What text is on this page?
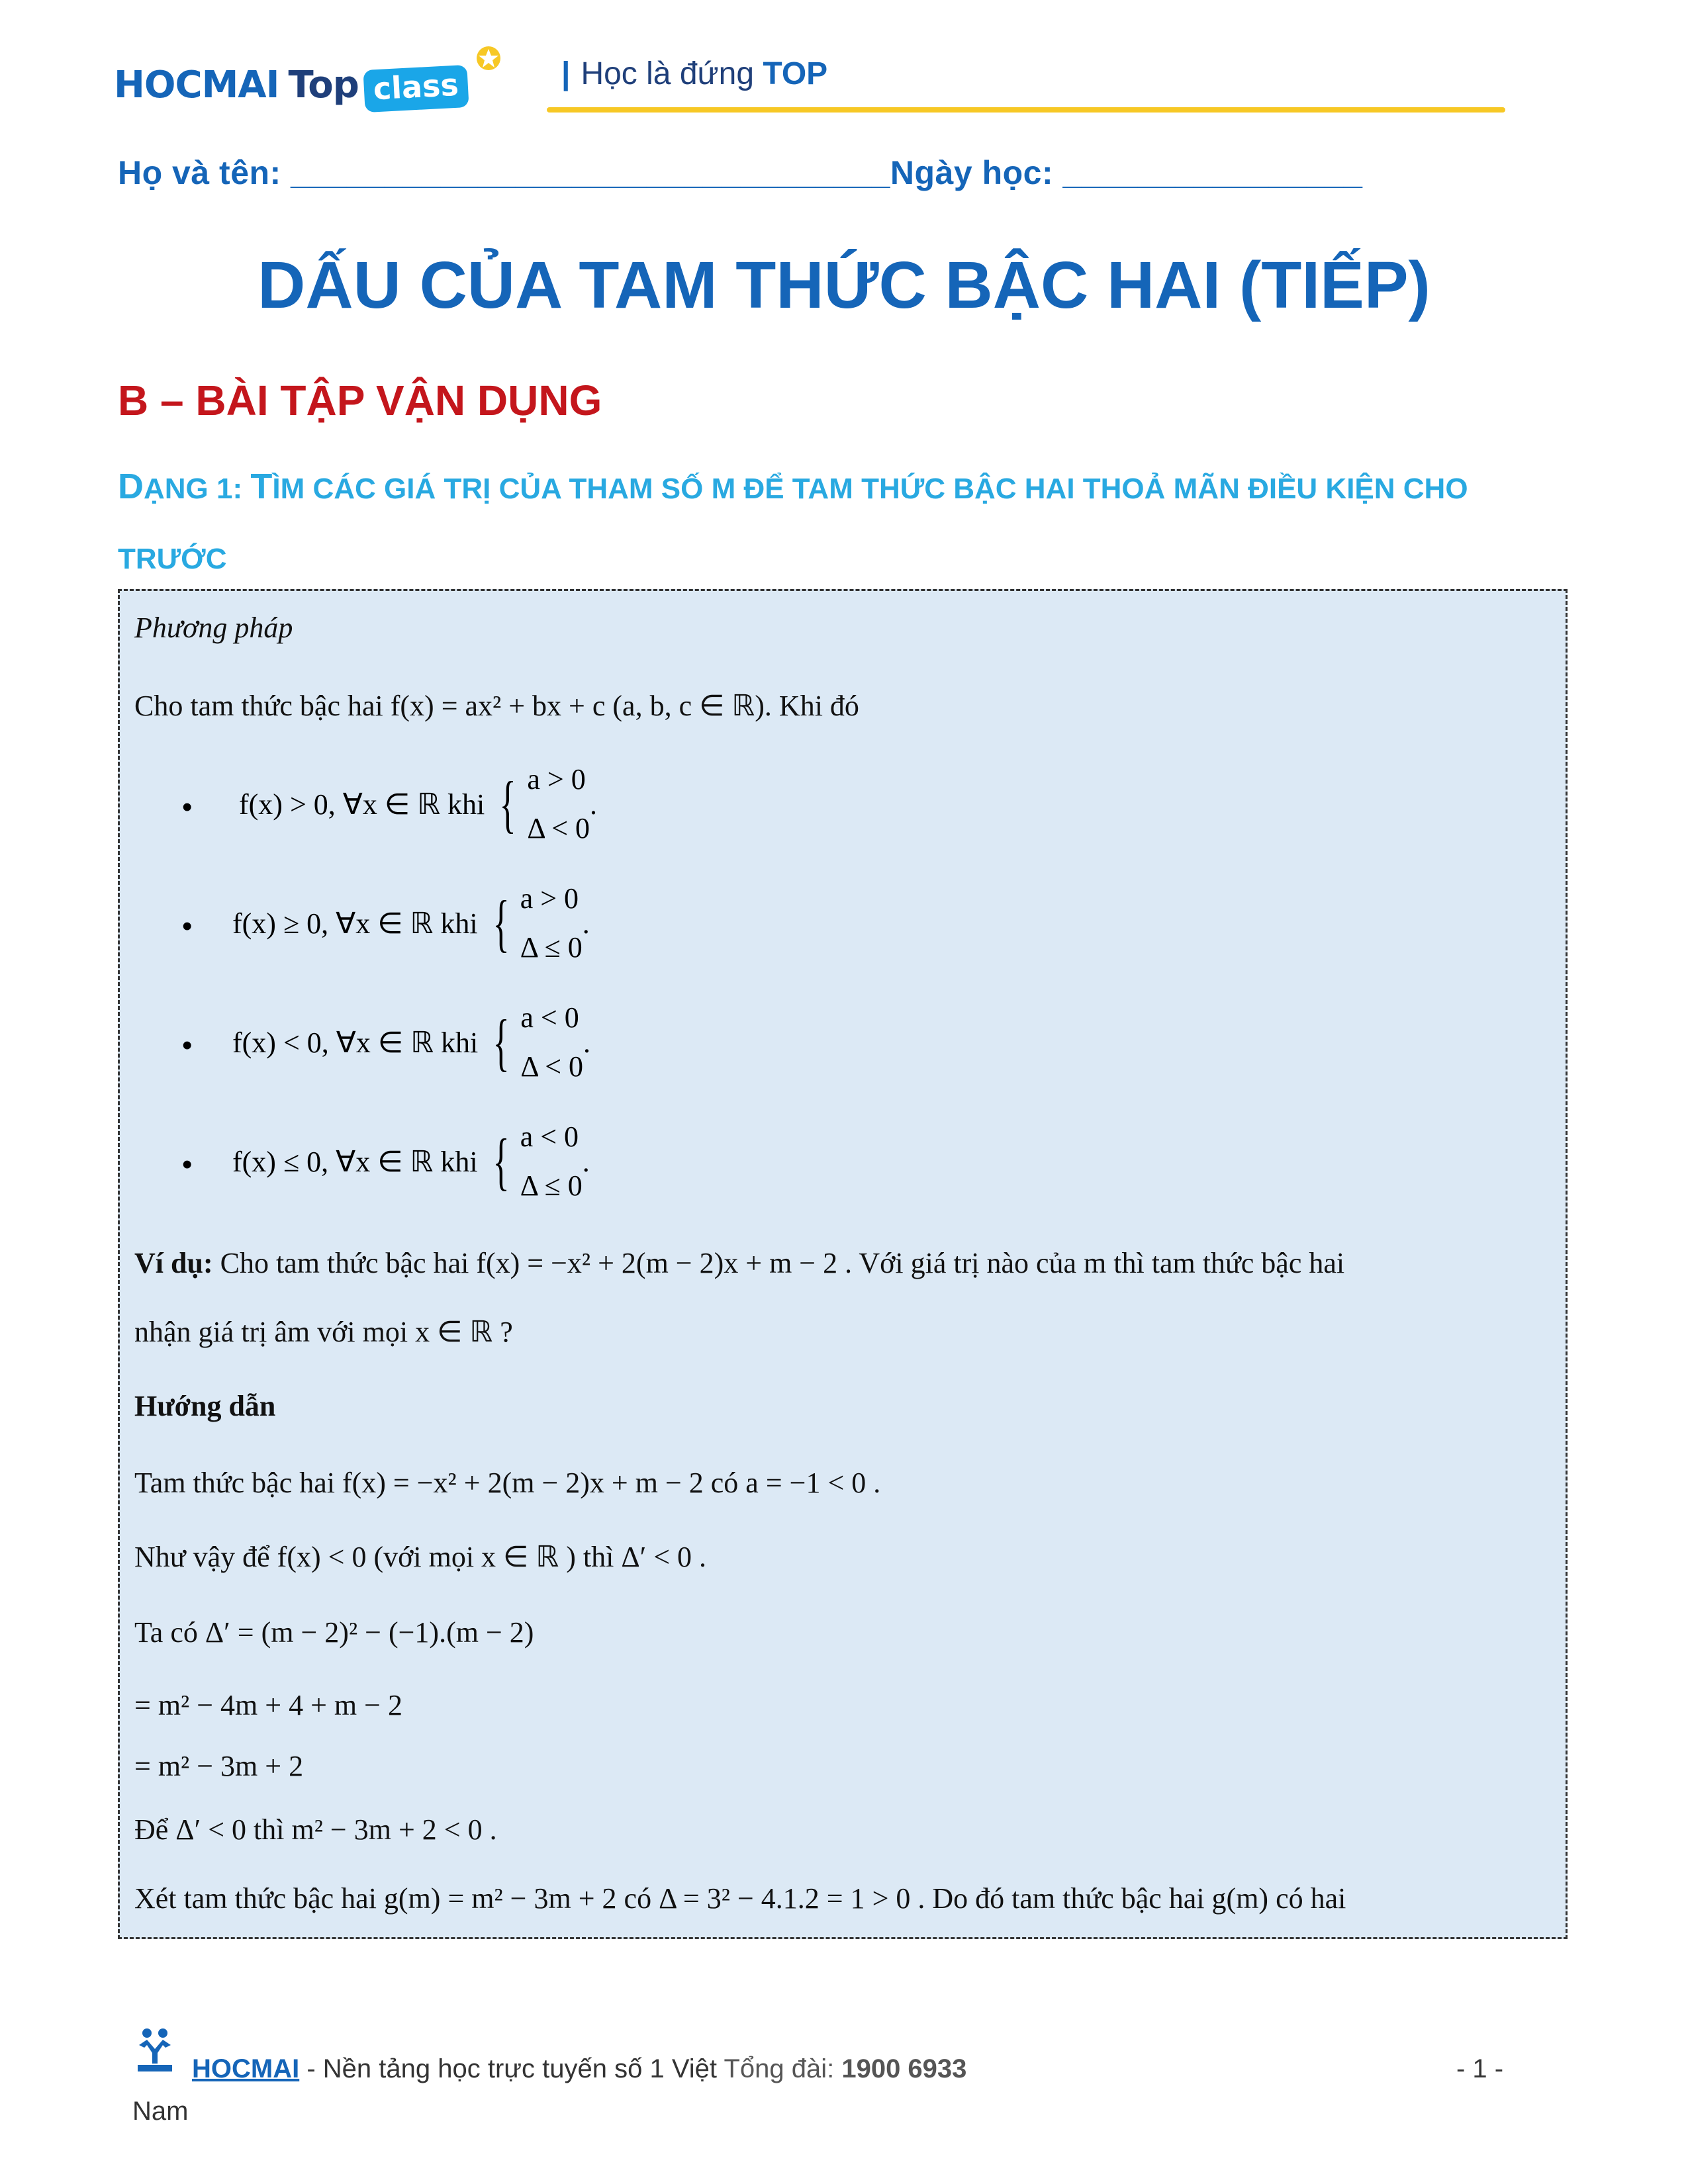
HOCMAI Top class	| Học là đứng TOP
Họ và tên: ________________________________Ngày học: ________________
DẤU CỦA TAM THỨC BẬC HAI (TIẾP)
B – BÀI TẬP VẬN DỤNG
DẠNG 1: TÌM CÁC GIÁ TRỊ CỦA THAM SỐ M ĐỂ TAM THỨC BẬC HAI THOẢ MÃN ĐIỀU KIỆN CHO TRƯỚC
Phương pháp
Cho tam thức bậc hai f(x) = ax² + bx + c (a, b, c ∈ ℝ). Khi đó
• f(x) > 0, ∀x ∈ ℝ khi { a > 0
Δ < 0
.
• f(x) ≥ 0, ∀x ∈ ℝ khi { a > 0
Δ ≤ 0
.
• f(x) < 0, ∀x ∈ ℝ khi { a < 0
Δ < 0
.
• f(x) ≤ 0, ∀x ∈ ℝ khi { a < 0
Δ ≤ 0
.
Ví dụ: Cho tam thức bậc hai f(x) = −x² + 2(m − 2)x + m − 2 . Với giá trị nào của m thì tam thức bậc hai
nhận giá trị âm với mọi x ∈ ℝ ?
Hướng dẫn
Tam thức bậc hai f(x) = −x² + 2(m − 2)x + m − 2 có a = −1 < 0 .
Như vậy để f(x) < 0 (với mọi x ∈ ℝ ) thì Δ′ < 0 .
Ta có Δ′ = (m − 2)² − (−1).(m − 2)
= m² − 4m + 4 + m − 2
= m² − 3m + 2
Để Δ′ < 0 thì m² − 3m + 2 < 0 .
Xét tam thức bậc hai g(m) = m² − 3m + 2 có Δ = 3² − 4.1.2 = 1 > 0 . Do đó tam thức bậc hai g(m) có hai
HOCMAI - Nền tảng học trực tuyến số 1 Việt Tổng đài: 1900 6933
Nam
- 1 -
